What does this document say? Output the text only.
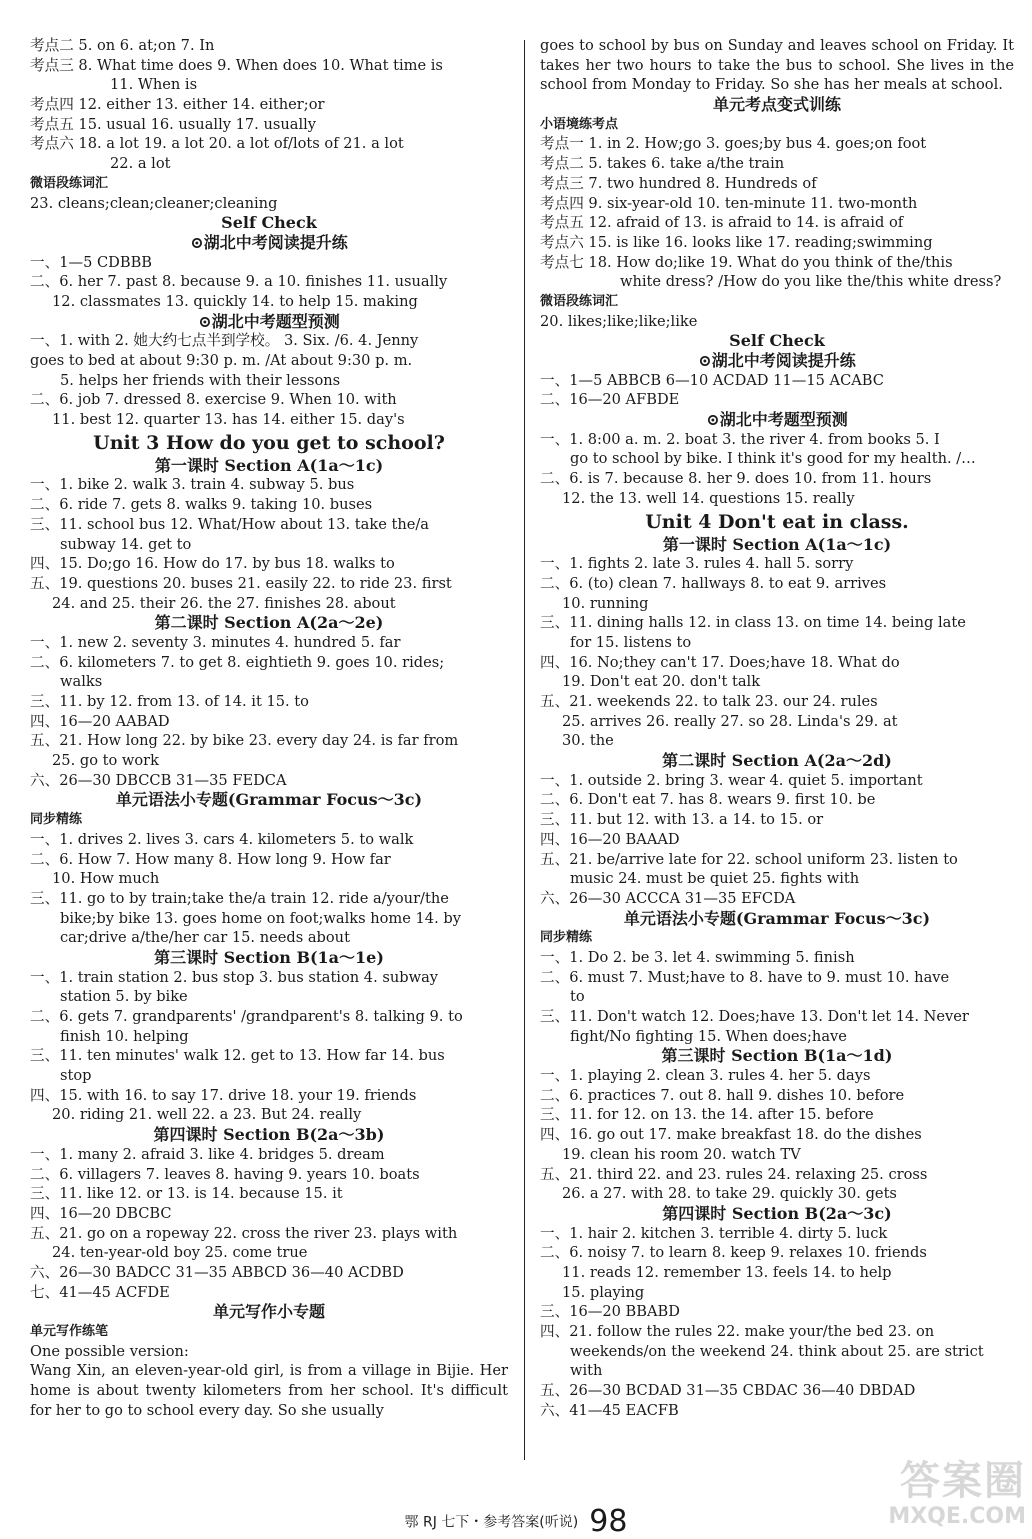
考点二 5. on 6. at;on 7. In
考点三 8. What time does 9. When does 10. What time is
11. When is
考点四 12. either 13. either 14. either;or
考点五 15. usual 16. usually 17. usually
考点六 18. a lot 19. a lot 20. a lot of/lots of 21. a lot
22. a lot
微语段练词汇
23. cleans;clean;cleaner;cleaning
Self Check
⊙湖北中考阅读提升练
一、1—5 CDBBB
二、6. her 7. past 8. because 9. a 10. finishes 11. usually
12. classmates 13. quickly 14. to help 15. making
⊙湖北中考题型预测
一、1. with 2. 她大约七点半到学校。 3. Six. /6. 4. Jenny
goes to bed at about 9:30 p. m. /At about 9:30 p. m.
5. helps her friends with their lessons
二、6. job 7. dressed 8. exercise 9. When 10. with
11. best 12. quarter 13. has 14. either 15. day's
Unit 3 How do you get to school?
第一课时 Section A(1a～1c)
一、1. bike 2. walk 3. train 4. subway 5. bus
二、6. ride 7. gets 8. walks 9. taking 10. buses
三、11. school bus 12. What/How about 13. take the/a
subway 14. get to
四、15. Do;go 16. How do 17. by bus 18. walks to
五、19. questions 20. buses 21. easily 22. to ride 23. first
24. and 25. their 26. the 27. finishes 28. about
第二课时 Section A(2a～2e)
一、1. new 2. seventy 3. minutes 4. hundred 5. far
二、6. kilometers 7. to get 8. eightieth 9. goes 10. rides;
walks
三、11. by 12. from 13. of 14. it 15. to
四、16—20 AABAD
五、21. How long 22. by bike 23. every day 24. is far from
25. go to work
六、26—30 DBCCB 31—35 FEDCA
单元语法小专题(Grammar Focus～3c)
同步精练
一、1. drives 2. lives 3. cars 4. kilometers 5. to walk
二、6. How 7. How many 8. How long 9. How far
10. How much
三、11. go to by train;take the/a train 12. ride a/your/the
bike;by bike 13. goes home on foot;walks home 14. by
car;drive a/the/her car 15. needs about
第三课时 Section B(1a～1e)
一、1. train station 2. bus stop 3. bus station 4. subway
station 5. by bike
二、6. gets 7. grandparents' /grandparent's 8. talking 9. to
finish 10. helping
三、11. ten minutes' walk 12. get to 13. How far 14. bus
stop
四、15. with 16. to say 17. drive 18. your 19. friends
20. riding 21. well 22. a 23. But 24. really
第四课时 Section B(2a～3b)
一、1. many 2. afraid 3. like 4. bridges 5. dream
二、6. villagers 7. leaves 8. having 9. years 10. boats
三、11. like 12. or 13. is 14. because 15. it
四、16—20 DBCBC
五、21. go on a ropeway 22. cross the river 23. plays with
24. ten-year-old boy 25. come true
六、26—30 BADCC 31—35 ABBCD 36—40 ACDBD
七、41—45 ACFDE
单元写作小专题
单元写作练笔
One possible version:
Wang Xin, an eleven-year-old girl, is from a village in Bijie. Her home is about twenty kilometers from her school. It's difficult for her to go to school every day. So she usually
goes to school by bus on Sunday and leaves school on Friday. It takes her two hours to take the bus to school. She lives in the school from Monday to Friday. So she has her meals at school.
单元考点变式训练
小语境练考点
考点一 1. in 2. How;go 3. goes;by bus 4. goes;on foot
考点二 5. takes 6. take a/the train
考点三 7. two hundred 8. Hundreds of
考点四 9. six-year-old 10. ten-minute 11. two-month
考点五 12. afraid of 13. is afraid to 14. is afraid of
考点六 15. is like 16. looks like 17. reading;swimming
考点七 18. How do;like 19. What do you think of the/this
white dress? /How do you like the/this white dress?
微语段练词汇
20. likes;like;like;like
Self Check
⊙湖北中考阅读提升练
一、1—5 ABBCB 6—10 ACDAD 11—15 ACABC
二、16—20 AFBDE
⊙湖北中考题型预测
一、1. 8:00 a. m. 2. boat 3. the river 4. from books 5. I
go to school by bike. I think it's good for my health. /…
二、6. is 7. because 8. her 9. does 10. from 11. hours
12. the 13. well 14. questions 15. really
Unit 4 Don't eat in class.
第一课时 Section A(1a～1c)
一、1. fights 2. late 3. rules 4. hall 5. sorry
二、6. (to) clean 7. hallways 8. to eat 9. arrives
10. running
三、11. dining halls 12. in class 13. on time 14. being late
for 15. listens to
四、16. No;they can't 17. Does;have 18. What do
19. Don't eat 20. don't talk
五、21. weekends 22. to talk 23. our 24. rules
25. arrives 26. really 27. so 28. Linda's 29. at
30. the
第二课时 Section A(2a～2d)
一、1. outside 2. bring 3. wear 4. quiet 5. important
二、6. Don't eat 7. has 8. wears 9. first 10. be
三、11. but 12. with 13. a 14. to 15. or
四、16—20 BAAAD
五、21. be/arrive late for 22. school uniform 23. listen to
music 24. must be quiet 25. fights with
六、26—30 ACCCA 31—35 EFCDA
单元语法小专题(Grammar Focus～3c)
同步精练
一、1. Do 2. be 3. let 4. swimming 5. finish
二、6. must 7. Must;have to 8. have to 9. must 10. have
to
三、11. Don't watch 12. Does;have 13. Don't let 14. Never
fight/No fighting 15. When does;have
第三课时 Section B(1a～1d)
一、1. playing 2. clean 3. rules 4. her 5. days
二、6. practices 7. out 8. hall 9. dishes 10. before
三、11. for 12. on 13. the 14. after 15. before
四、16. go out 17. make breakfast 18. do the dishes
19. clean his room 20. watch TV
五、21. third 22. and 23. rules 24. relaxing 25. cross
26. a 27. with 28. to take 29. quickly 30. gets
第四课时 Section B(2a～3c)
一、1. hair 2. kitchen 3. terrible 4. dirty 5. luck
二、6. noisy 7. to learn 8. keep 9. relaxes 10. friends
11. reads 12. remember 13. feels 14. to help
15. playing
三、16—20 BBABD
四、21. follow the rules 22. make your/the bed 23. on
weekends/on the weekend 24. think about 25. are strict
with
五、26—30 BCDAD 31—35 CBDAC 36—40 DBDAD
六、41—45 EACFB
鄂 RJ 七下・参考答案(听说) 98
答案圈
MXQE.COM
